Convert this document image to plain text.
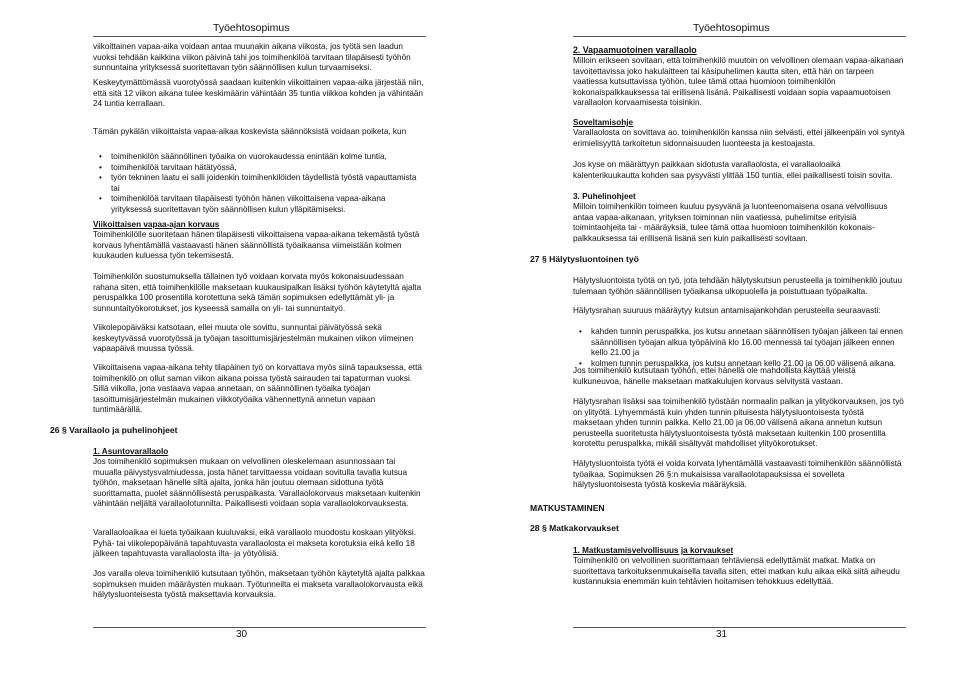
Työehtosopimus
viikoittainen vapaa-aika voidaan antaa muunakin aikana viikosta, jos työtä sen laadun vuoksi tehdään kaikkina viikon päivinä tahi jos toimihenkilöä tarvitaan tilapäisesti työhön sunnuntaina yrityksessä suoritettavan työn säännöllisen kulun turvaamiseksi.
Keskeytymättömässä vuorotyössä saadaan kuitenkin viikoittainen vapaa-aika järjestää niin, että sitä 12 viikon aikana tulee keskimäärin vähintään 35 tuntia viikkoa kohden ja vähintään 24 tuntia kerrallaan.
Tämän pykälän viikoittaista vapaa-aikaa koskevista säännöksistä voidaan poiketa, kun
• toimihenkilön säännöllinen työaika on vuorokaudessa enintään kolme tuntia,
• toimihenkilöä tarvitaan hätätyössä,
• työn tekninen laatu ei salli joidenkin toimihenkilöiden täydellistä työstä vapauttamista tai
• toimihenkilöä tarvitaan tilapäisesti työhön hänen viikoittaisena vapaa-aikana yrityksessä suoritettavan työn säännöllisen kulun ylläpitämiseksi.
Viikoittaisen vapaa-ajan korvaus
Toimihenkilölle suoritetaan hänen tilapäisesti viikoittaisena vapaa-aikana tekemästä työstä korvaus lyhentämällä vastaavasti hänen säännöllistä työaikaansa viimeistään kolmen kuukauden kuluessa työn tekemisestä.
Toimihenkilön suostumuksella tällainen työ voidaan korvata myös kokonaisuudessaan rahana siten, että toimihenkilölle maksetaan kuukausipalkan lisäksi työhön käytetyltä ajalta peruspalkka 100 prosentilla korotettuna sekä tämän sopimuksen edellyttämät yli- ja sunnuntaityökorotukset, jos kyseessä samalla on yli- tai sunnuntaityö.
Viikolepopäiväksi katsotaan, ellei muuta ole sovittu, sunnuntai päivätyössä sekä keskeytyvässä vuorotyössä ja työajan tasoittumisjärjestelmän mukainen viikon viimeinen vapaapäivä muussa työssä.
Viikoittaisena vapaa-aikana tehty tilapäinen työ on korvattava myös siinä tapauksessa, että toimihenkilö on ollut saman viikon aikana poissa työstä sairauden tai tapaturman vuoksi. Sillä viikolla, jona vastaava vapaa annetaan, on säännöllinen työaika työajan tasoittumisjärjestelmän mukainen viikkotyöaika vähennettynä annetun vapaan tuntimäärällä.
26 § Varallaolo ja puhelinohjeet
1. Asuntovarallaolo
Jos toimihenkilö sopimuksen mukaan on velvollinen oleskelemaan asunnossaan tai muualla päivystysvalmiudessa, josta hänet tarvittaessa voidaan sovitulla tavalla kutsua työhön, maksetaan hänelle siltä ajalta, jonka hän joutuu olemaan sidottuna työtä suorittamatta, puolet säännöllisestä peruspalkasta. Varallaolokorvaus maksetaan kuitenkin vähintään neljältä varallaolotunnilta. Paikallisesti voidaan sopia varallaolokorvauksesta.
Varallaoloaikaa ei lueta työaikaan kuuluvaksi, eikä varallaolo muodostu koskaan ylityöksi. Pyhä- tai viikolepopäivänä tapahtuvasta varallaolosta ei makseta korotuksia eikä kello 18 jälkeen tapahtuvasta varallaolosta ilta- ja yötyölisiä.
Jos varalla oleva toimihenkilö kutsutaan työhön, maksetaan työhön käytetyltä ajalta palkkaa sopimuksen muiden määräysten mukaan. Työtunneilta ei makseta varallaolokorvausta eikä hälytysluonteisesta työstä maksettavia korvauksia.
30
Työehtosopimus
2. Vapaamuotoinen varallaolo
Milloin erikseen sovitaan, että toimihenkilö muutoin on velvollinen olemaan vapaa-aikanaan tavoitettavissa joko hakulaitteen tai käsipuhelimen kautta siten, että hän on tarpeen vaatiessa kutsuttavissa työhön, tulee tämä ottaa huomioon toimihenkilön kokonaispalkkauksessa tai erillisenä lisänä. Paikallisesti voidaan sopia vapaamuotoisen varallaolon korvaamisesta toisinkin.
Soveltamisohje
Varallaolosta on sovittava ao. toimihenkilön kanssa niin selvästi, ettei jälkeenpäin voi syntyä erimielisyyttä tarkoitetun sidonnaisuuden luonteesta ja kestoajasta.
Jos kyse on määrättyyn paikkaan sidotusta varallaolosta, ei varallaoloaika kalenterikuukautta kohden saa pysyvästi ylittää 150 tuntia, ellei paikallisesti toisin sovita.
3. Puhelinohjeet
Milloin toimihenkilön toimeen kuuluu pysyvänä ja luonteenomaisena osana velvollisuus antaa vapaa-aikanaan, yrityksen toiminnan niin vaatiessa, puhelimitse erityisiä toimintaohjeita tai - määräyksiä, tulee tämä ottaa huomioon toimihenkilön kokonais-palkkauksessa tai erillisenä lisänä sen kuin paikallisesti sovitaan.
27 § Hälytysluontoinen työ
Hälytysluontoista työtä on työ, jota tehdään hälytyskutsun perusteella ja toimihenkilö joutuu tulemaan työhön säännöllisen työaikansa ulkopuolella ja poistuttuaan työpaikalta.
Hälytysrahan suuruus määräytyy kutsun antamisajankohdan perusteella seuraavasti:
• kahden tunnin peruspalkka, jos kutsu annetaan säännöllisen työajan jälkeen tai ennen säännöllisen työajan alkua työpäivinä klo 16.00 mennessä tai työajan jälkeen ennen kello 21.00 ja
• kolmen tunnin peruspalkka, jos kutsu annetaan kello 21.00 ja 06.00 välisenä aikana.
Jos toimihenkilö kutsutaan työhön, ettei hänellä ole mahdollista käyttää yleistä kulkuneuvoa, hänelle maksetaan matkakulujen korvaus selvitystä vastaan.
Hälytysrahan lisäksi saa toimihenkilö työstään normaalin palkan ja ylityökorvauksen, jos työ on ylityötä. Lyhyemmästä kuin yhden tunnin pituisesta hälytysluontoisesta työstä maksetaan yhden tunnin palkka. Kello 21.00 ja 06.00 välisenä aikana annetun kutsun perusteella suoritetusta hälytysluontoisesta työstä maksetaan kuitenkin 100 prosentilla korotettu peruspalkka, mikäli sisältyvät mahdolliset ylityökorotukset.
Hälytysluontoista työtä ei voida korvata lyhentämällä vastaavasti toimihenkilön säännöllistä työaikaa. Sopimuksen 26 §:n mukaisissa varallaolotapauksissa ei sovelleta hälytysluontoisesta työstä koskevia määräyksiä.
MATKUSTAMINEN
28 § Matkakorvaukset
1. Matkustamisvelvollisuus ja korvaukset
Toimihenkilö on velvollinen suorittamaan tehtäviensä edellyttämät matkat. Matka on suoritettava tarkoituksenmukaisella tavalla siten, ettei matkan kulu aikaa eikä siitä aiheudu kustannuksia enemmän kuin tehtävien hoitamisen tehokkuus edellyttää.
31
